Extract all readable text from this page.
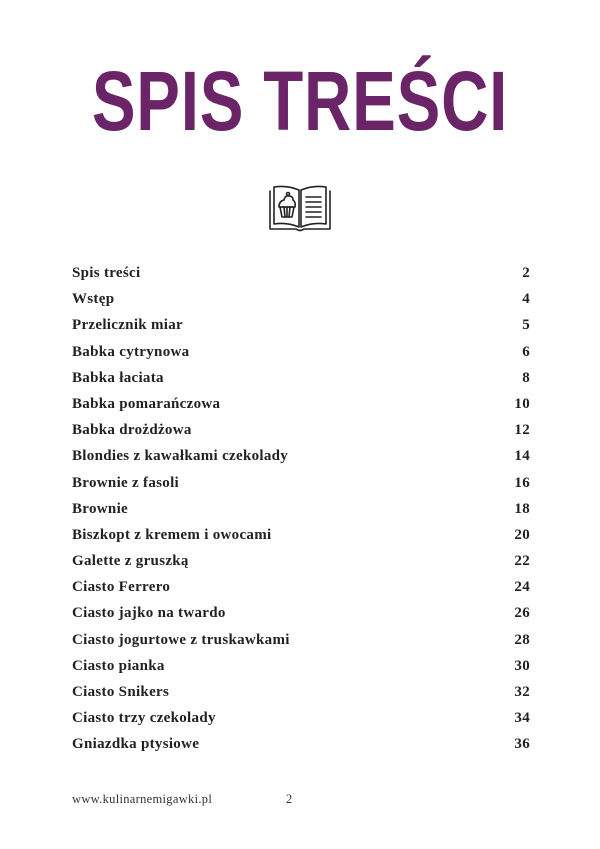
SPIS TREŚCI
Spis treści	2
Wstęp	4
Przelicznik miar	5
Babka cytrynowa	6
Babka łaciata	8
Babka pomarańczowa	10
Babka drożdżowa	12
Blondies z kawałkami czekolady	14
Brownie z fasoli	16
Brownie	18
Biszkopt z kremem i owocami	20
Galette z gruszką	22
Ciasto Ferrero	24
Ciasto jajko na twardo	26
Ciasto jogurtowe z truskawkami	28
Ciasto pianka	30
Ciasto Snikers	32
Ciasto trzy czekolady	34
Gniazdka ptysiowe	36
www.kulinarnemigawki.pl	2
